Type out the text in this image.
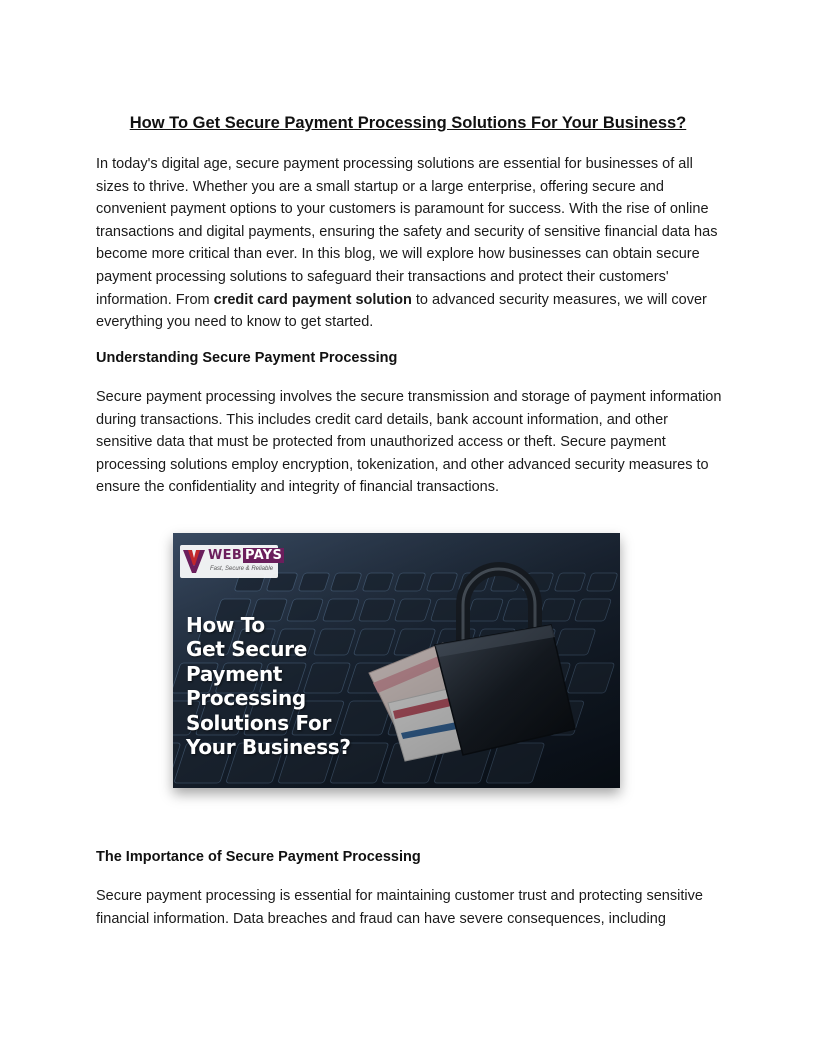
How To Get Secure Payment Processing Solutions For Your Business?

In today's digital age, secure payment processing solutions are essential for businesses of all sizes to thrive. Whether you are a small startup or a large enterprise, offering secure and convenient payment options to your customers is paramount for success. With the rise of online transactions and digital payments, ensuring the safety and security of sensitive financial data has become more critical than ever. In this blog, we will explore how businesses can obtain secure payment processing solutions to safeguard their transactions and protect their customers' information. From credit card payment solution to advanced security measures, we will cover everything you need to know to get started.

Understanding Secure Payment Processing

Secure payment processing involves the secure transmission and storage of payment information during transactions. This includes credit card details, bank account information, and other sensitive data that must be protected from unauthorized access or theft. Secure payment processing solutions employ encryption, tokenization, and other advanced security measures to ensure the confidentiality and integrity of financial transactions.

WEB PAYS
Fast, Secure & Reliable
How To
Get Secure
Payment
Processing
Solutions For
Your Business?
The Importance of Secure Payment Processing

Secure payment processing is essential for maintaining customer trust and protecting sensitive financial information. Data breaches and fraud can have severe consequences, including
